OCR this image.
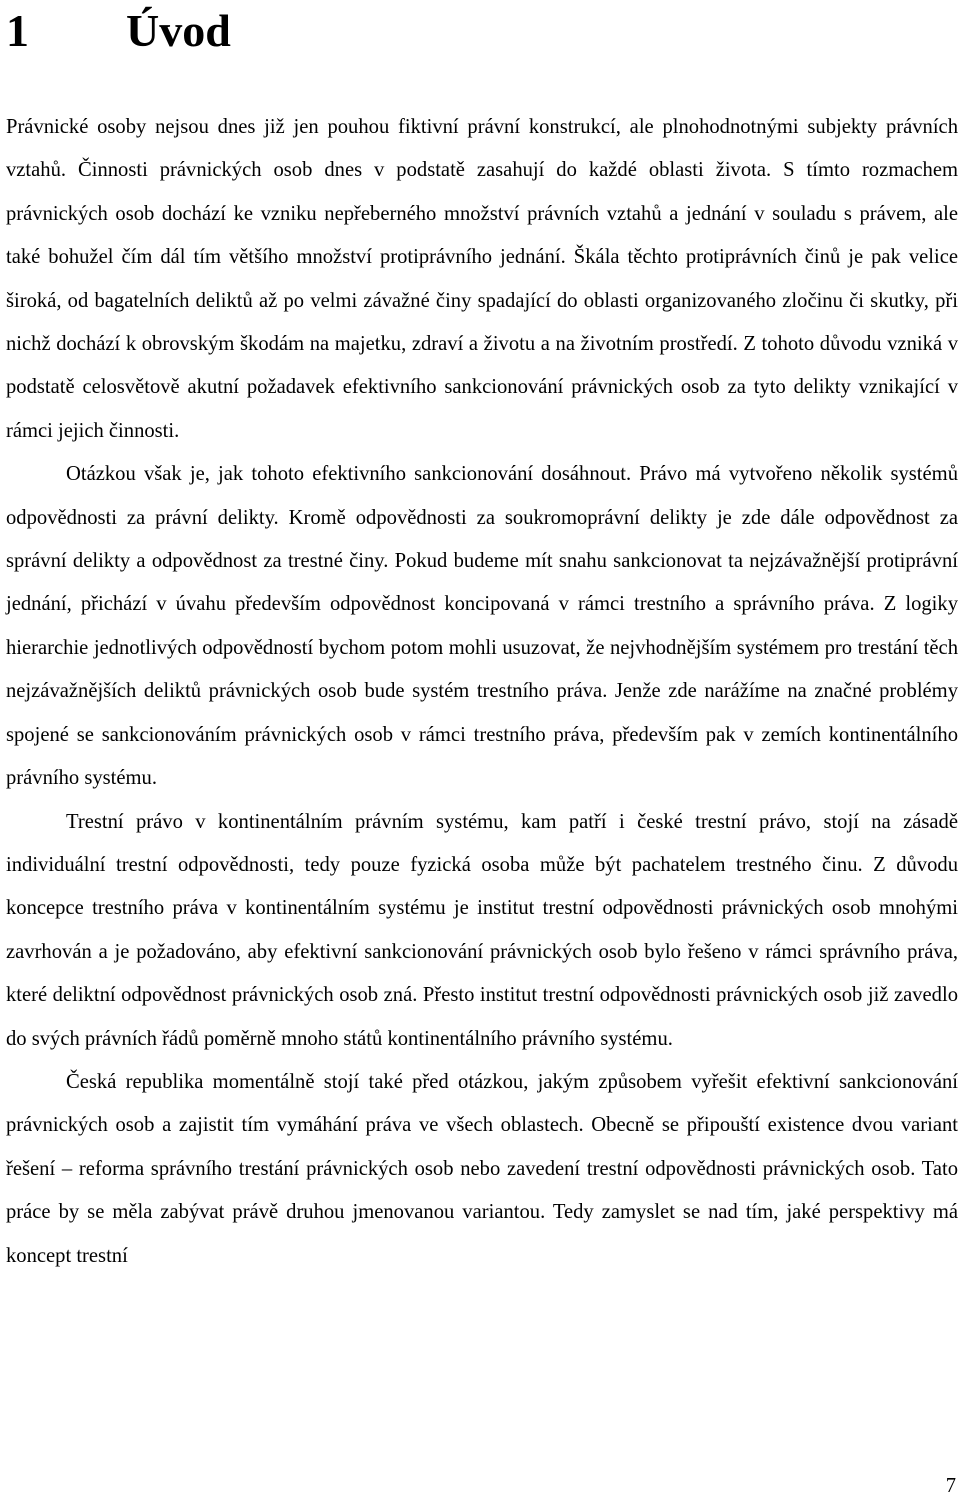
1 Úvod

Právnické osoby nejsou dnes již jen pouhou fiktivní právní konstrukcí, ale plnohodnotnými subjekty právních vztahů. Činnosti právnických osob dnes v podstatě zasahují do každé oblasti života. S tímto rozmachem právnických osob dochází ke vzniku nepřeberného množství právních vztahů a jednání v souladu s právem, ale také bohužel čím dál tím většího množství protiprávního jednání. Škála těchto protiprávních činů je pak velice široká, od bagatelních deliktů až po velmi závažné činy spadající do oblasti organizovaného zločinu či skutky, při nichž dochází k obrovským škodám na majetku, zdraví a životu a na životním prostředí. Z tohoto důvodu vzniká v podstatě celosvětově akutní požadavek efektivního sankcionování právnických osob za tyto delikty vznikající v rámci jejich činnosti.

Otázkou však je, jak tohoto efektivního sankcionování dosáhnout. Právo má vytvořeno několik systémů odpovědnosti za právní delikty. Kromě odpovědnosti za soukromoprávní delikty je zde dále odpovědnost za správní delikty a odpovědnost za trestné činy. Pokud budeme mít snahu sankcionovat ta nejzávažnější protiprávní jednání, přichází v úvahu především odpovědnost koncipovaná v rámci trestního a správního práva. Z logiky hierarchie jednotlivých odpovědností bychom potom mohli usuzovat, že nejvhodnějším systémem pro trestání těch nejzávažnějších deliktů právnických osob bude systém trestního práva. Jenže zde narážíme na značné problémy spojené se sankcionováním právnických osob v rámci trestního práva, především pak v zemích kontinentálního právního systému.

Trestní právo v kontinentálním právním systému, kam patří i české trestní právo, stojí na zásadě individuální trestní odpovědnosti, tedy pouze fyzická osoba může být pachatelem trestného činu. Z důvodu koncepce trestního práva v kontinentálním systému je institut trestní odpovědnosti právnických osob mnohými zavrhován a je požadováno, aby efektivní sankcionování právnických osob bylo řešeno v rámci správního práva, které deliktní odpovědnost právnických osob zná. Přesto institut trestní odpovědnosti právnických osob již zavedlo do svých právních řádů poměrně mnoho států kontinentálního právního systému.

Česká republika momentálně stojí také před otázkou, jakým způsobem vyřešit efektivní sankcionování právnických osob a zajistit tím vymáhání práva ve všech oblastech. Obecně se připouští existence dvou variant řešení – reforma správního trestání právnických osob nebo zavedení trestní odpovědnosti právnických osob. Tato práce by se měla zabývat právě druhou jmenovanou variantou. Tedy zamyslet se nad tím, jaké perspektivy má koncept trestní

7
